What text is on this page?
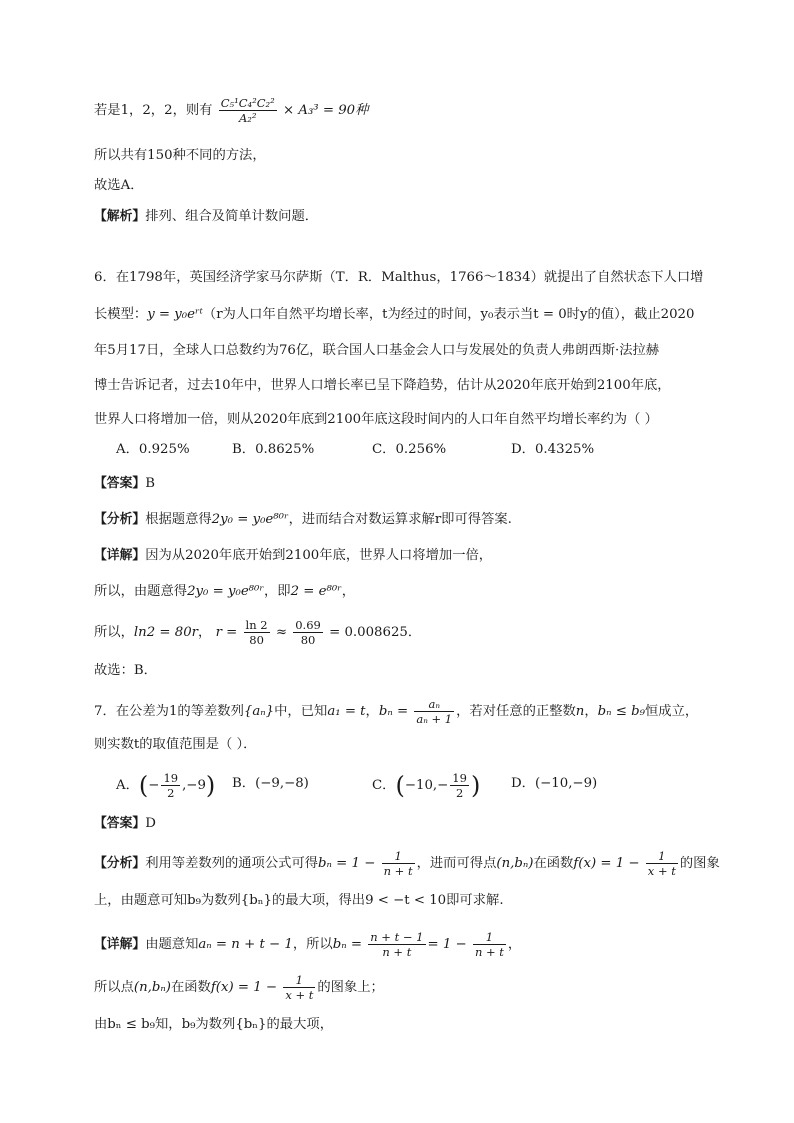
若是1，2，2，则有 $\frac{\text{C₅¹C₄²C₂²}}{\text{A₂²}} \times A_3^3 = 90$种
所以共有150种不同的方法，
故选A．
【解析】排列、组合及简单计数问题．
6．在1798年，英国经济学家马尔萨斯（T．R．Malthus，1766～1834）就提出了自然状态下人口增
长模型：y = y₀eʳᵗ（r为人口年自然平均增长率，t为经过的时间，y₀表示当t = 0时y的值），截止2020
年5月17日，全球人口总数约为76亿，联合国人口基金会人口与发展处的负责人弗朗西斯·法拉赫
博士告诉记者，过去10年中，世界人口增长率已呈下降趋势，估计从2020年底开始到2100年底，
世界人口将增加一倍，则从2020年底到2100年底这段时间内的人口年自然平均增长率约为（ ）
A．0.925%	B．0.8625%	C．0.256%	D．0.4325%
【答案】B
【分析】根据题意得2y₀ = y₀e⁸⁰ʳ，进而结合对数运算求解r即可得答案.
【详解】因为从2020年底开始到2100年底，世界人口将增加一倍，
所以，由题意得2y₀ = y₀e⁸⁰ʳ，即2 = e⁸⁰ʳ，
所以，ln2 = 80r， $r = \frac{\ln 2}{80} \approx \frac{0.69}{80} = 0.008625$．
故选：B．
7．在公差为1的等差数列{aₙ}中，已知a₁ = t，$b_n = \frac{\text{aₙ}}{\text{aₙ + 1}}$ ，若对任意的正整数n，bₙ ≤ b₉恒成立，
则实数t的取值范围是（ ）．
A．(− $\frac{19}{2} ,-9$) B．(−9,−8)	C．($-10,- \frac{19}{2}$ ) D．(−10,−9)
【答案】D
【分析】利用等差数列的通项公式可得$b_n = 1 - \frac{1}{n + t}$ ，进而可得点(n,bₙ)在函数$f(x) = 1 - \frac{1}{x + t}$ 的图象
上，由题意可知b₉为数列{bₙ}的最大项，得出9 < −t < 10即可求解.
【详解】由题意知aₙ = n + t − 1，所以$b_n = \frac{n + t - 1}{n + t} = 1 - \frac{1}{n + t}$ ，
所以点(n,bₙ)在函数$f(x) = 1 - \frac{1}{x + t}$ 的图象上；
由bₙ ≤ b₉知，b₉为数列{bₙ}的最大项，
